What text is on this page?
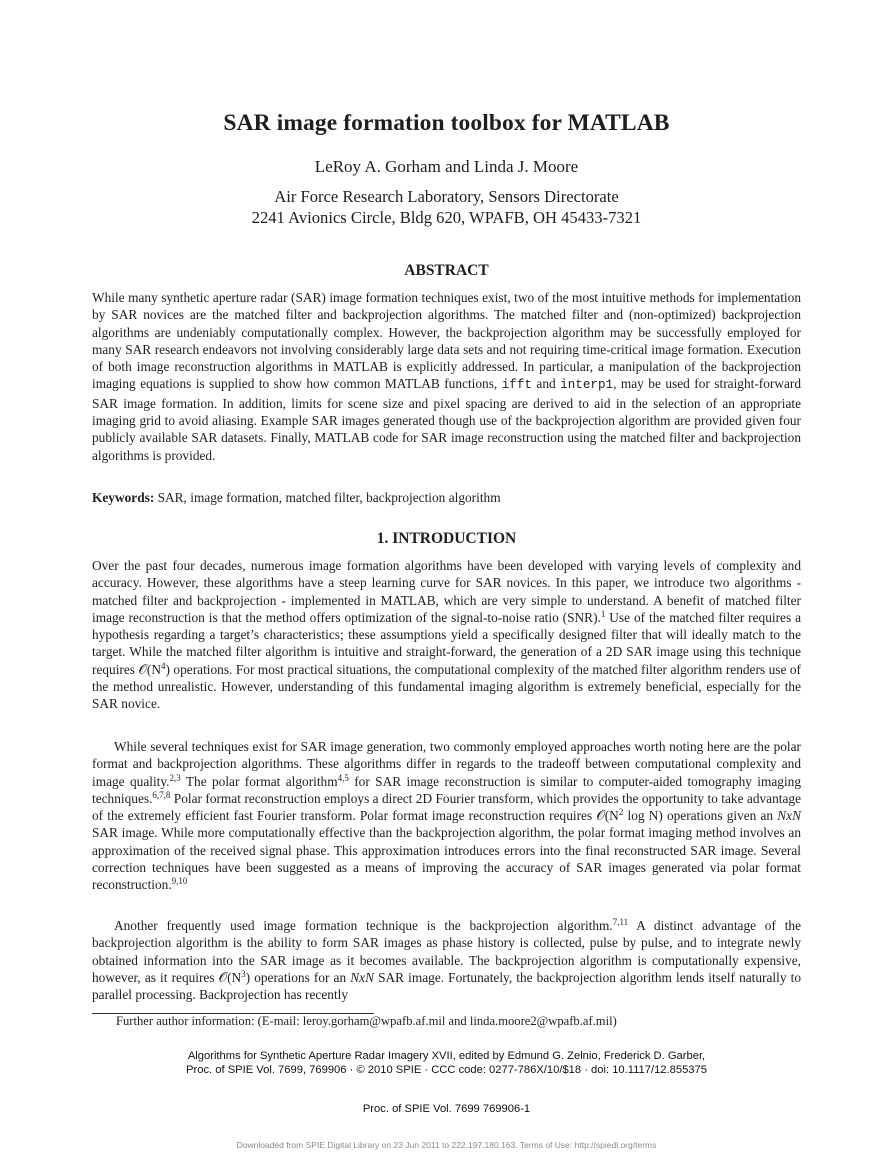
SAR image formation toolbox for MATLAB
LeRoy A. Gorham and Linda J. Moore
Air Force Research Laboratory, Sensors Directorate
2241 Avionics Circle, Bldg 620, WPAFB, OH 45433-7321
ABSTRACT
While many synthetic aperture radar (SAR) image formation techniques exist, two of the most intuitive methods for implementation by SAR novices are the matched filter and backprojection algorithms. The matched filter and (non-optimized) backprojection algorithms are undeniably computationally complex. However, the backprojection algorithm may be successfully employed for many SAR research endeavors not involving considerably large data sets and not requiring time-critical image formation. Execution of both image reconstruction algorithms in MATLAB is explicitly addressed. In particular, a manipulation of the backprojection imaging equations is supplied to show how common MATLAB functions, ifft and interp1, may be used for straight-forward SAR image formation. In addition, limits for scene size and pixel spacing are derived to aid in the selection of an appropriate imaging grid to avoid aliasing. Example SAR images generated though use of the backprojection algorithm are provided given four publicly available SAR datasets. Finally, MATLAB code for SAR image reconstruction using the matched filter and backprojection algorithms is provided.
Keywords: SAR, image formation, matched filter, backprojection algorithm
1. INTRODUCTION
Over the past four decades, numerous image formation algorithms have been developed with varying levels of complexity and accuracy. However, these algorithms have a steep learning curve for SAR novices. In this paper, we introduce two algorithms - matched filter and backprojection - implemented in MATLAB, which are very simple to understand. A benefit of matched filter image reconstruction is that the method offers optimization of the signal-to-noise ratio (SNR).$^1$ Use of the matched filter requires a hypothesis regarding a target’s characteristics; these assumptions yield a specifically designed filter that will ideally match to the target. While the matched filter algorithm is intuitive and straight-forward, the generation of a 2D SAR image using this technique requires $𝒪(N^4)$ operations. For most practical situations, the computational complexity of the matched filter algorithm renders use of the method unrealistic. However, understanding of this fundamental imaging algorithm is extremely beneficial, especially for the SAR novice.
While several techniques exist for SAR image generation, two commonly employed approaches worth noting here are the polar format and backprojection algorithms. These algorithms differ in regards to the tradeoff between computational complexity and image quality.$^{2,3}$ The polar format algorithm$^{4,5}$ for SAR image reconstruction is similar to computer-aided tomography imaging techniques.$^{6,7,8}$ Polar format reconstruction employs a direct 2D Fourier transform, which provides the opportunity to take advantage of the extremely efficient fast Fourier transform. Polar format image reconstruction requires $𝒪(N^2$ log N) operations given an NxN SAR image. While more computationally effective than the backprojection algorithm, the polar format imaging method involves an approximation of the received signal phase. This approximation introduces errors into the final reconstructed SAR image. Several correction techniques have been suggested as a means of improving the accuracy of SAR images generated via polar format reconstruction.$^{9,10}$
Another frequently used image formation technique is the backprojection algorithm.$^{7,11}$ A distinct advantage of the backprojection algorithm is the ability to form SAR images as phase history is collected, pulse by pulse, and to integrate newly obtained information into the SAR image as it becomes available. The backprojection algorithm is computationally expensive, however, as it requires $𝒪(N^3)$ operations for an NxN SAR image. Fortunately, the backprojection algorithm lends itself naturally to parallel processing. Backprojection has recently
Further author information: (E-mail: leroy.gorham@wpafb.af.mil and linda.moore2@wpafb.af.mil)
Algorithms for Synthetic Aperture Radar Imagery XVII, edited by Edmund G. Zelnio, Frederick D. Garber,
Proc. of SPIE Vol. 7699, 769906 · © 2010 SPIE · CCC code: 0277-786X/10/$18 · doi: 10.1117/12.855375
Proc. of SPIE Vol. 7699 769906-1
Downloaded from SPIE Digital Library on 23 Jun 2011 to 222.197.180.163. Terms of Use: http://spiedl.org/terms
